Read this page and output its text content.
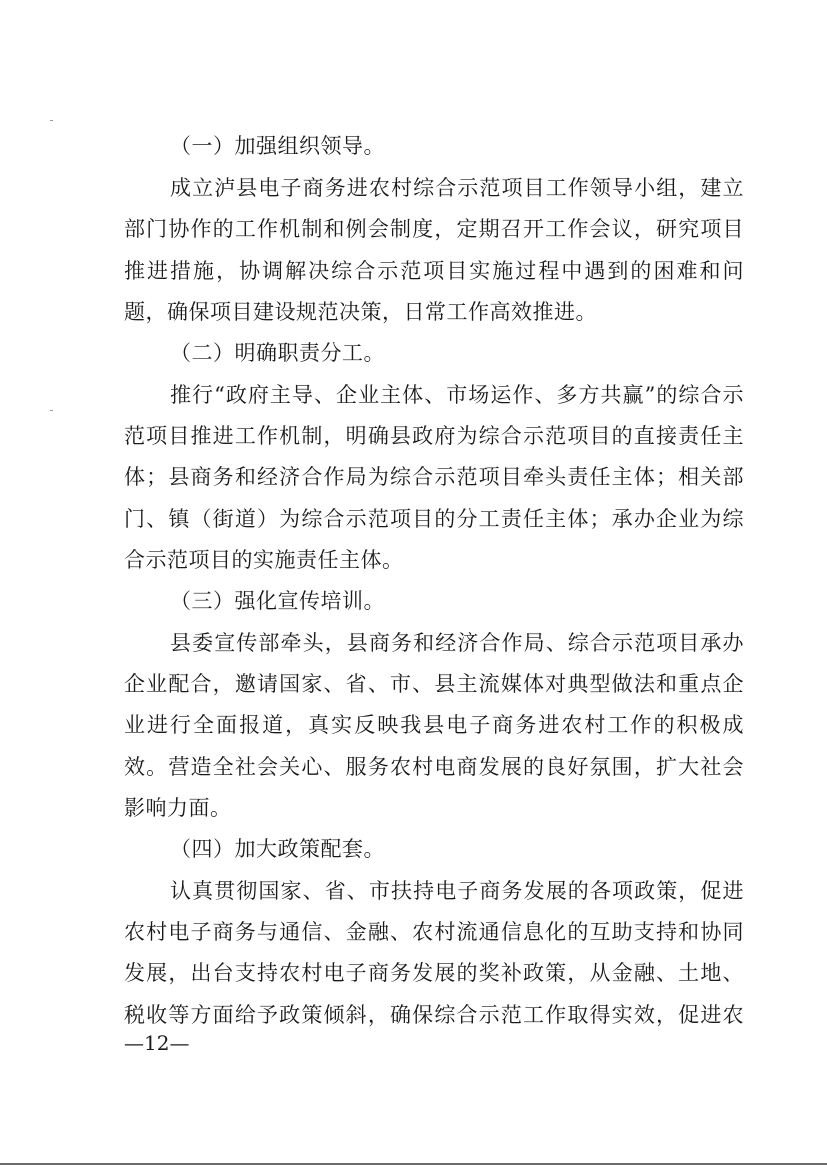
（一）加强组织领导。
成立泸县电子商务进农村综合示范项目工作领导小组，建立
部门协作的工作机制和例会制度，定期召开工作会议，研究项目
推进措施，协调解决综合示范项目实施过程中遇到的困难和问
题，确保项目建设规范决策，日常工作高效推进。
（二）明确职责分工。
推行“政府主导、企业主体、市场运作、多方共赢”的综合示
范项目推进工作机制，明确县政府为综合示范项目的直接责任主
体；县商务和经济合作局为综合示范项目牵头责任主体；相关部
门、镇（街道）为综合示范项目的分工责任主体；承办企业为综
合示范项目的实施责任主体。
（三）强化宣传培训。
县委宣传部牵头，县商务和经济合作局、综合示范项目承办
企业配合，邀请国家、省、市、县主流媒体对典型做法和重点企
业进行全面报道，真实反映我县电子商务进农村工作的积极成
效。营造全社会关心、服务农村电商发展的良好氛围，扩大社会
影响力面。
（四）加大政策配套。
认真贯彻国家、省、市扶持电子商务发展的各项政策，促进
农村电子商务与通信、金融、农村流通信息化的互助支持和协同
发展，出台支持农村电子商务发展的奖补政策，从金融、土地、
税收等方面给予政策倾斜，确保综合示范工作取得实效，促进农
—12—
